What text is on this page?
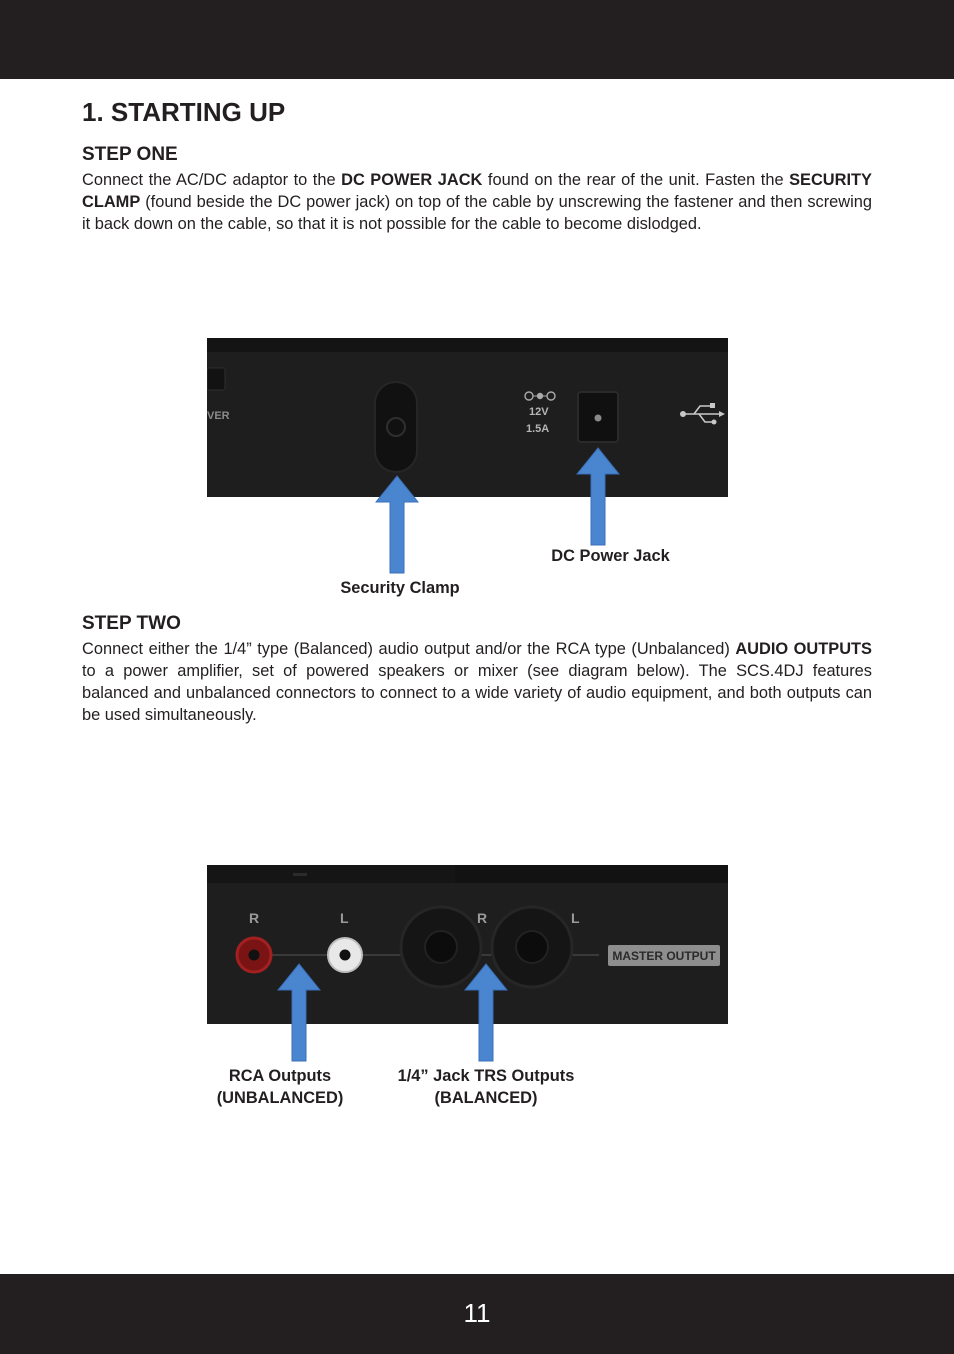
1. STARTING UP
STEP ONE

Connect the AC/DC adaptor to the DC POWER JACK found on the rear of the unit. Fasten the SECURITY CLAMP (found beside the DC power jack) on top of the cable by unscrewing the fastener and then screwing it back down on the cable, so that it is not possible for the cable to become dislodged.

VER	12V
1.5A
DC Power Jack
Security Clamp
STEP TWO

Connect either the 1/4” type (Balanced) audio output and/or the RCA type (Unbalanced) AUDIO OUTPUTS to a power amplifier, set of powered speakers or mixer (see diagram below). The SCS.4DJ features balanced and unbalanced connectors to connect to a wide variety of audio equipment, and both outputs can be used simultaneously.

R	L	R	L
MASTER OUTPUT
RCA Outputs
(UNBALANCED)
1/4” Jack TRS Outputs
(BALANCED)
11
